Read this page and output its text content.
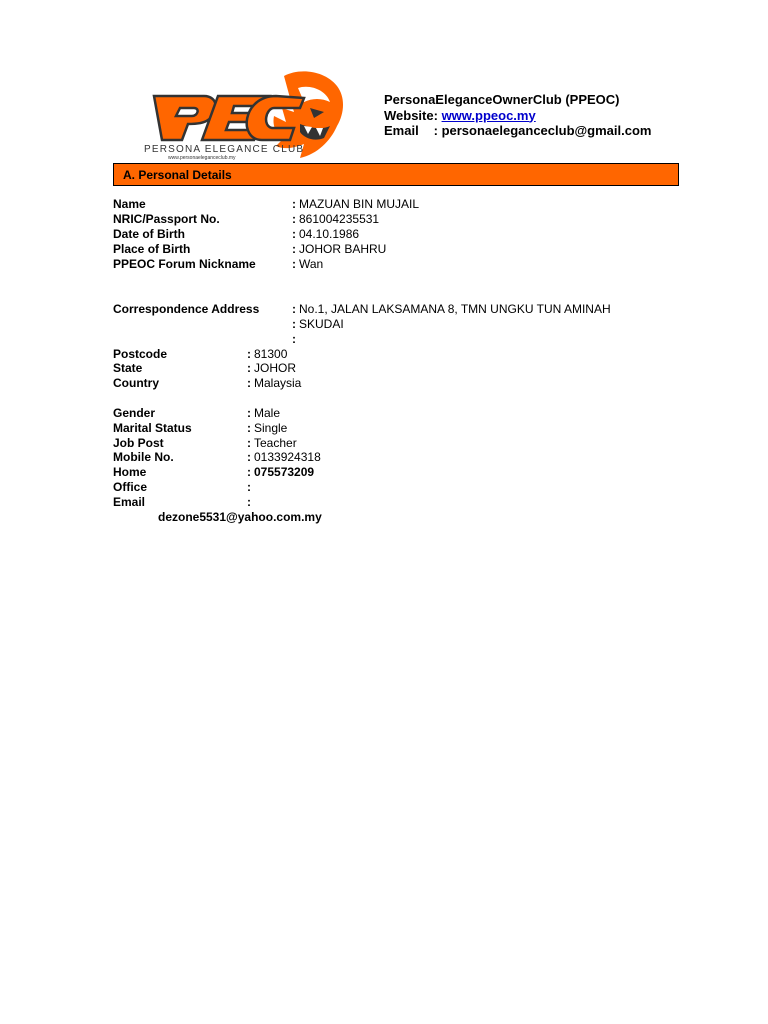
PERSONA ELEGANCE CLUB
www.personaeleganceclub.my
PersonaEleganceOwnerClub (PPEOC)
Website: www.ppeoc.my
Email : personaeleganceclub@gmail.com
A. Personal Details
Name	: MAZUAN BIN MUJAIL
NRIC/Passport No.	: 861004235531
Date of Birth	: 04.10.1986
Place of Birth	: JOHOR BAHRU
PPEOC Forum Nickname	: Wan
Correspondence Address	: No.1, JALAN LAKSAMANA 8, TMN UNGKU TUN AMINAH
: SKUDAI
:
Postcode	: 81300
State	: JOHOR
Country	: Malaysia
Gender	: Male
Marital Status	: Single
Job Post	: Teacher
Mobile No.	: 0133924318
Home	: 075573209
Office	:
Email	:
dezone5531@yahoo.com.my
